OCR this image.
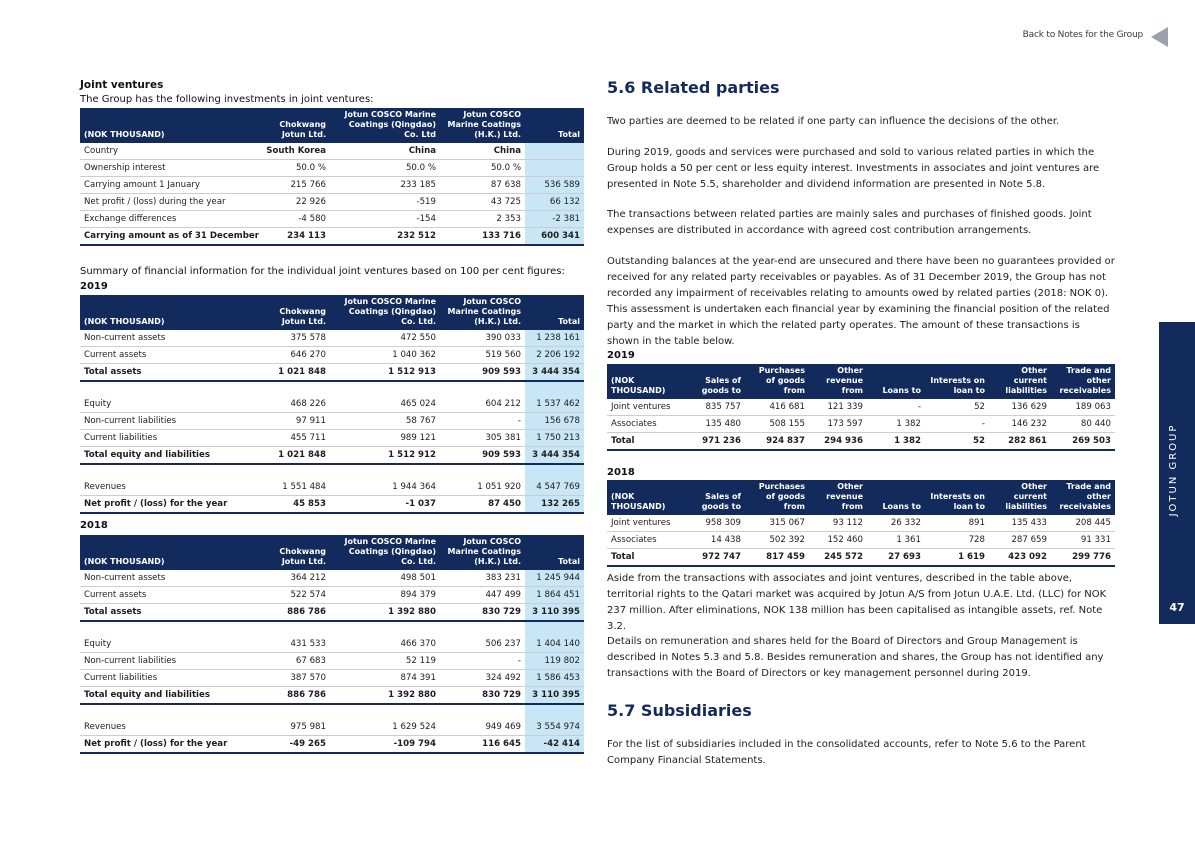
Back to Notes for the Group
JOTUN GROUP
47
Joint ventures
The Group has the following investments in joint ventures:
(NOK THOUSAND)	Chokwang Jotun Ltd.	Jotun COSCO Marine Coatings (Qingdao) Co. Ltd	Jotun COSCO Marine Coatings (H.K.) Ltd.	Total
Country	South Korea	China	China	
Ownership interest	50.0 %	50.0 %	50.0 %	
Carrying amount 1 January	215 766	233 185	87 638	536 589
Net profit / (loss) during the year	22 926	-519	43 725	66 132
Exchange differences	-4 580	-154	2 353	-2 381
Carrying amount as of 31 December	234 113	232 512	133 716	600 341
Summary of financial information for the individual joint ventures based on 100 per cent figures:
2019
(NOK THOUSAND)	Chokwang Jotun Ltd.	Jotun COSCO Marine Coatings (Qingdao) Co. Ltd.	Jotun COSCO Marine Coatings (H.K.) Ltd.	Total
Non-current assets	375 578	472 550	390 033	1 238 161
Current assets	646 270	1 040 362	519 560	2 206 192
Total assets	1 021 848	1 512 913	909 593	3 444 354

Equity	468 226	465 024	604 212	1 537 462
Non-current liabilities	97 911	58 767	-	156 678
Current liabilities	455 711	989 121	305 381	1 750 213
Total equity and liabilities	1 021 848	1 512 912	909 593	3 444 354

Revenues	1 551 484	1 944 364	1 051 920	4 547 769
Net profit / (loss) for the year	45 853	-1 037	87 450	132 265
2018
(NOK THOUSAND)	Chokwang Jotun Ltd.	Jotun COSCO Marine Coatings (Qingdao) Co. Ltd.	Jotun COSCO Marine Coatings (H.K.) Ltd.	Total
Non-current assets	364 212	498 501	383 231	1 245 944
Current assets	522 574	894 379	447 499	1 864 451
Total assets	886 786	1 392 880	830 729	3 110 395

Equity	431 533	466 370	506 237	1 404 140
Non-current liabilities	67 683	52 119	-	119 802
Current liabilities	387 570	874 391	324 492	1 586 453
Total equity and liabilities	886 786	1 392 880	830 729	3 110 395

Revenues	975 981	1 629 524	949 469	3 554 974
Net profit / (loss) for the year	-49 265	-109 794	116 645	-42 414
5.6 Related parties

Two parties are deemed to be related if one party can influence the decisions of the other.

During 2019, goods and services were purchased and sold to various related parties in which the Group holds a 50 per cent or less equity interest. Investments in associates and joint ventures are presented in Note 5.5, shareholder and dividend information are presented in Note 5.8.

The transactions between related parties are mainly sales and purchases of finished goods. Joint expenses are distributed in accordance with agreed cost contribution arrangements.

Outstanding balances at the year-end are unsecured and there have been no guarantees provided or received for any related party receivables or payables. As of 31 December 2019, the Group has not recorded any impairment of receivables relating to amounts owed by related parties (2018: NOK 0). This assessment is undertaken each financial year by examining the financial position of the related party and the market in which the related party operates. The amount of these transactions is shown in the table below.

2019
(NOK THOUSAND)	Sales of goods to	Purchases of goods from	Other revenue from	Loans to	Interests on loan to	Other current liabilities	Trade and other receivables
Joint ventures	835 757	416 681	121 339	-	52	136 629	189 063
Associates	135 480	508 155	173 597	1 382	-	146 232	80 440
Total	971 236	924 837	294 936	1 382	52	282 861	269 503
2018
(NOK THOUSAND)	Sales of goods to	Purchases of goods from	Other revenue from	Loans to	Interests on loan to	Other current liabilities	Trade and other receivables
Joint ventures	958 309	315 067	93 112	26 332	891	135 433	208 445
Associates	14 438	502 392	152 460	1 361	728	287 659	91 331
Total	972 747	817 459	245 572	27 693	1 619	423 092	299 776

Aside from the transactions with associates and joint ventures, described in the table above, territorial rights to the Qatari market was acquired by Jotun A/S from Jotun U.A.E. Ltd. (LLC) for NOK 237 million. After eliminations, NOK 138 million has been capitalised as intangible assets, ref. Note 3.2.

Details on remuneration and shares held for the Board of Directors and Group Management is described in Notes 5.3 and 5.8. Besides remuneration and shares, the Group has not identified any transactions with the Board of Directors or key management personnel during 2019.

5.7 Subsidiaries

For the list of subsidiaries included in the consolidated accounts, refer to Note 5.6 to the Parent Company Financial Statements.
